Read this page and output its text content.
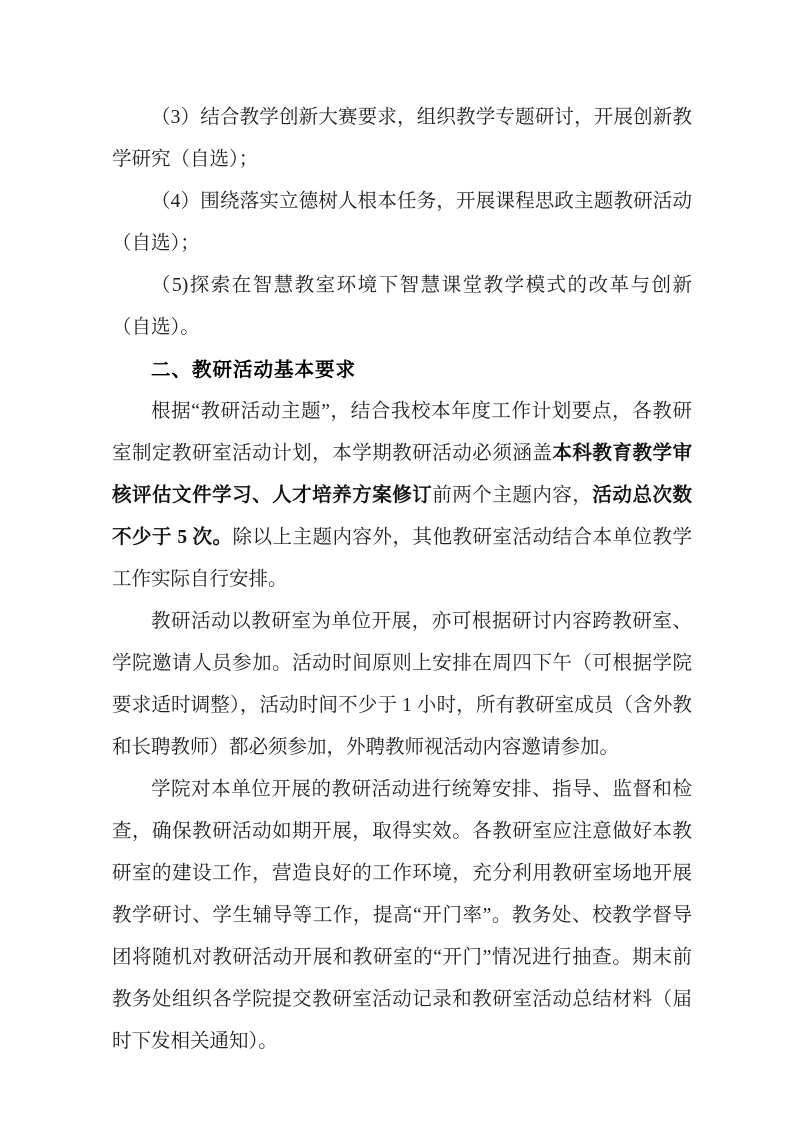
（3）结合教学创新大赛要求，组织教学专题研讨，开展创新教学研究（自选）；

（4）围绕落实立德树人根本任务，开展课程思政主题教研活动（自选）；

（5)探索在智慧教室环境下智慧课堂教学模式的改革与创新（自选）。

二、教研活动基本要求

根据“教研活动主题”，结合我校本年度工作计划要点，各教研室制定教研室活动计划，本学期教研活动必须涵盖本科教育教学审核评估文件学习、人才培养方案修订前两个主题内容，活动总次数不少于 5 次。除以上主题内容外，其他教研室活动结合本单位教学工作实际自行安排。

教研活动以教研室为单位开展，亦可根据研讨内容跨教研室、学院邀请人员参加。活动时间原则上安排在周四下午（可根据学院要求适时调整），活动时间不少于 1 小时，所有教研室成员（含外教和长聘教师）都必须参加，外聘教师视活动内容邀请参加。

学院对本单位开展的教研活动进行统筹安排、指导、监督和检查，确保教研活动如期开展，取得实效。各教研室应注意做好本教研室的建设工作，营造良好的工作环境，充分利用教研室场地开展教学研讨、学生辅导等工作，提高“开门率”。教务处、校教学督导团将随机对教研活动开展和教研室的“开门”情况进行抽查。期末前教务处组织各学院提交教研室活动记录和教研室活动总结材料（届时下发相关通知）。
